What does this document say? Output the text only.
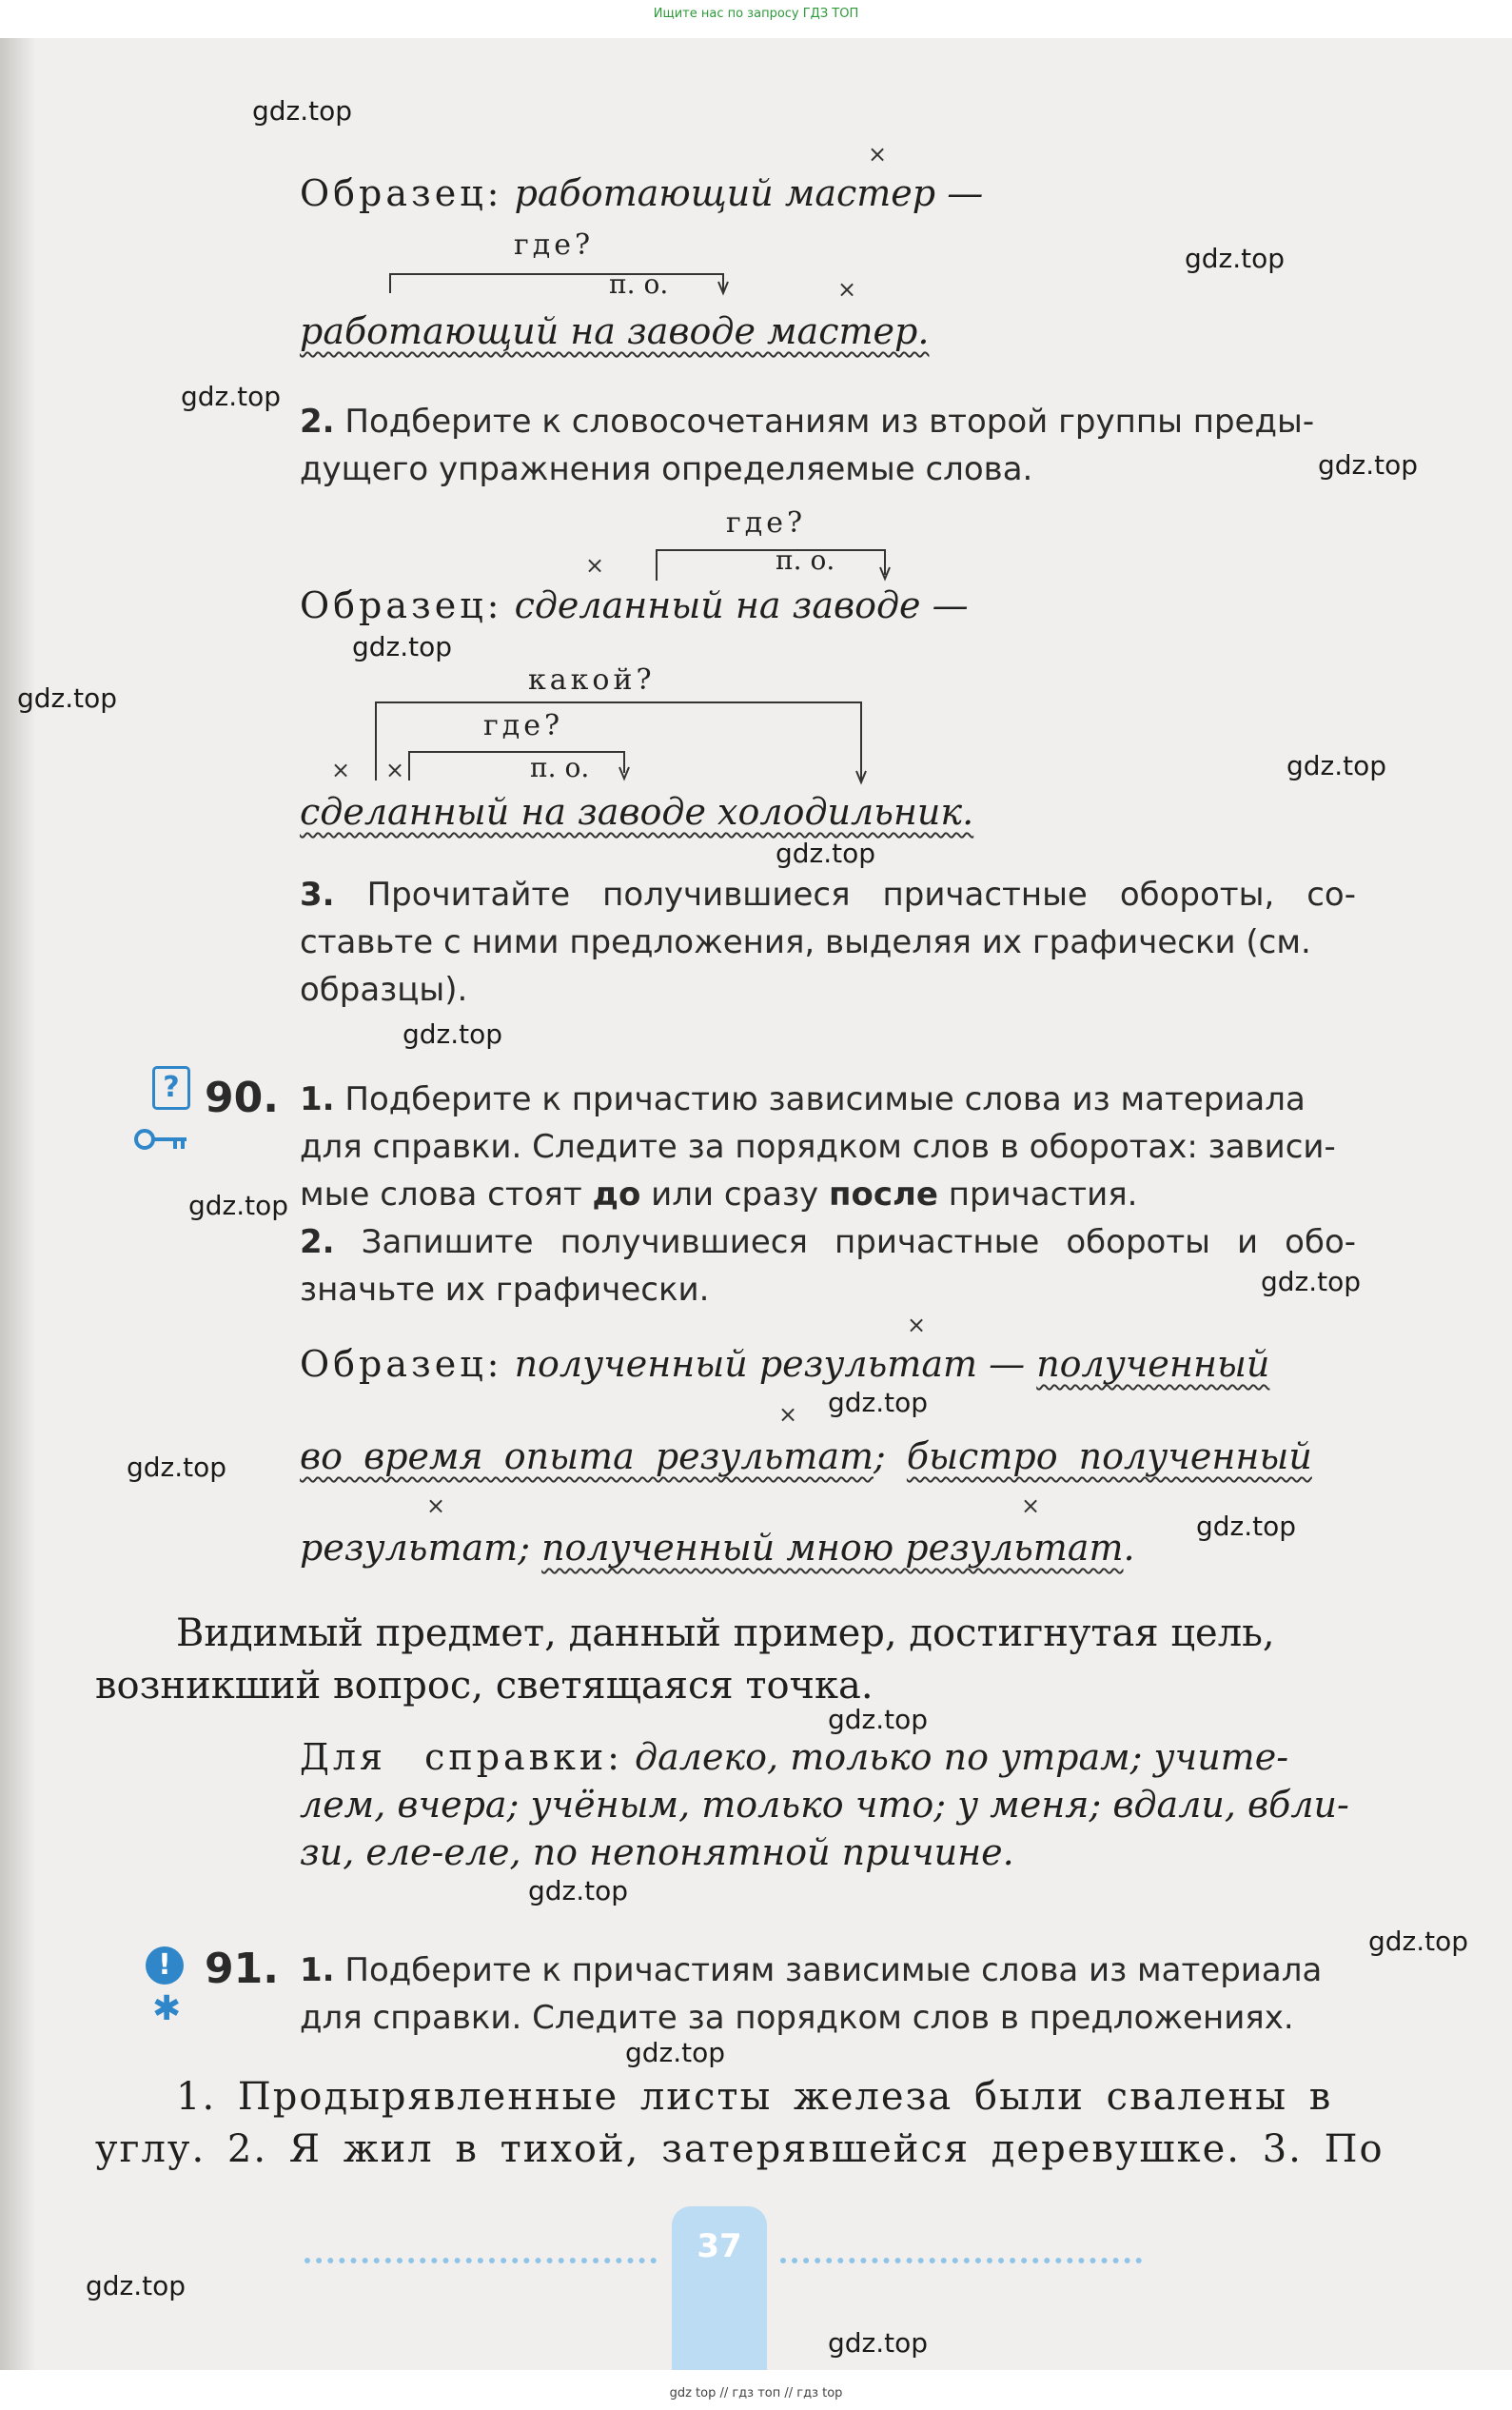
Ищите нас по запросу ГДЗ ТОП
gdz.top
gdz.top
gdz.top
gdz.top
gdz.top
gdz.top
gdz.top
gdz.top
gdz.top
gdz.top
gdz.top
gdz.top
gdz.top
gdz.top
gdz.top
gdz.top
gdz.top
gdz.top
gdz.top
gdz.top
×
Образец: работающий мастер —
где?
п. о.	×
работающий на заводе мастер.
2. Подберите к словосочетаниям из второй группы преды-
дущего упражнения определяемые слова.
где?
×	п. о.
Образец: сделанный на заводе —
какой?
где?
× ×	п. о.
сделанный на заводе холодильник.
3. Прочитайте получившиеся причастные обороты, со-
ставьте с ними предложения, выделяя их графически (см.
образцы).
? 90. 1. Подберите к причастию зависимые слова из материала
для справки. Следите за порядком слов в оборотах: зависи-
мые слова стоят до или сразу после причастия.
2. Запишите получившиеся причастные обороты и обо-
значьте их графически.
×
Образец: полученный результат — полученный
×
во время опыта результат; быстро полученный
×	×
результат; полученный мною результат.
Видимый предмет, данный пример, достигнутая цель,
возникший вопрос, светящаяся точка.
Для справки: далеко, только по утрам; учите-
лем, вчера; учёным, только что; у меня; вдали, вбли-
зи, еле-еле, по непонятной причине.
!
✱
91. 1. Подберите к причастиям зависимые слова из материала
для справки. Следите за порядком слов в предложениях.
1. Продырявленные листы железа были свалены в
углу. 2. Я жил в тихой, затерявшейся деревушке. 3. По
37
gdz top // гдз топ // гдз top
